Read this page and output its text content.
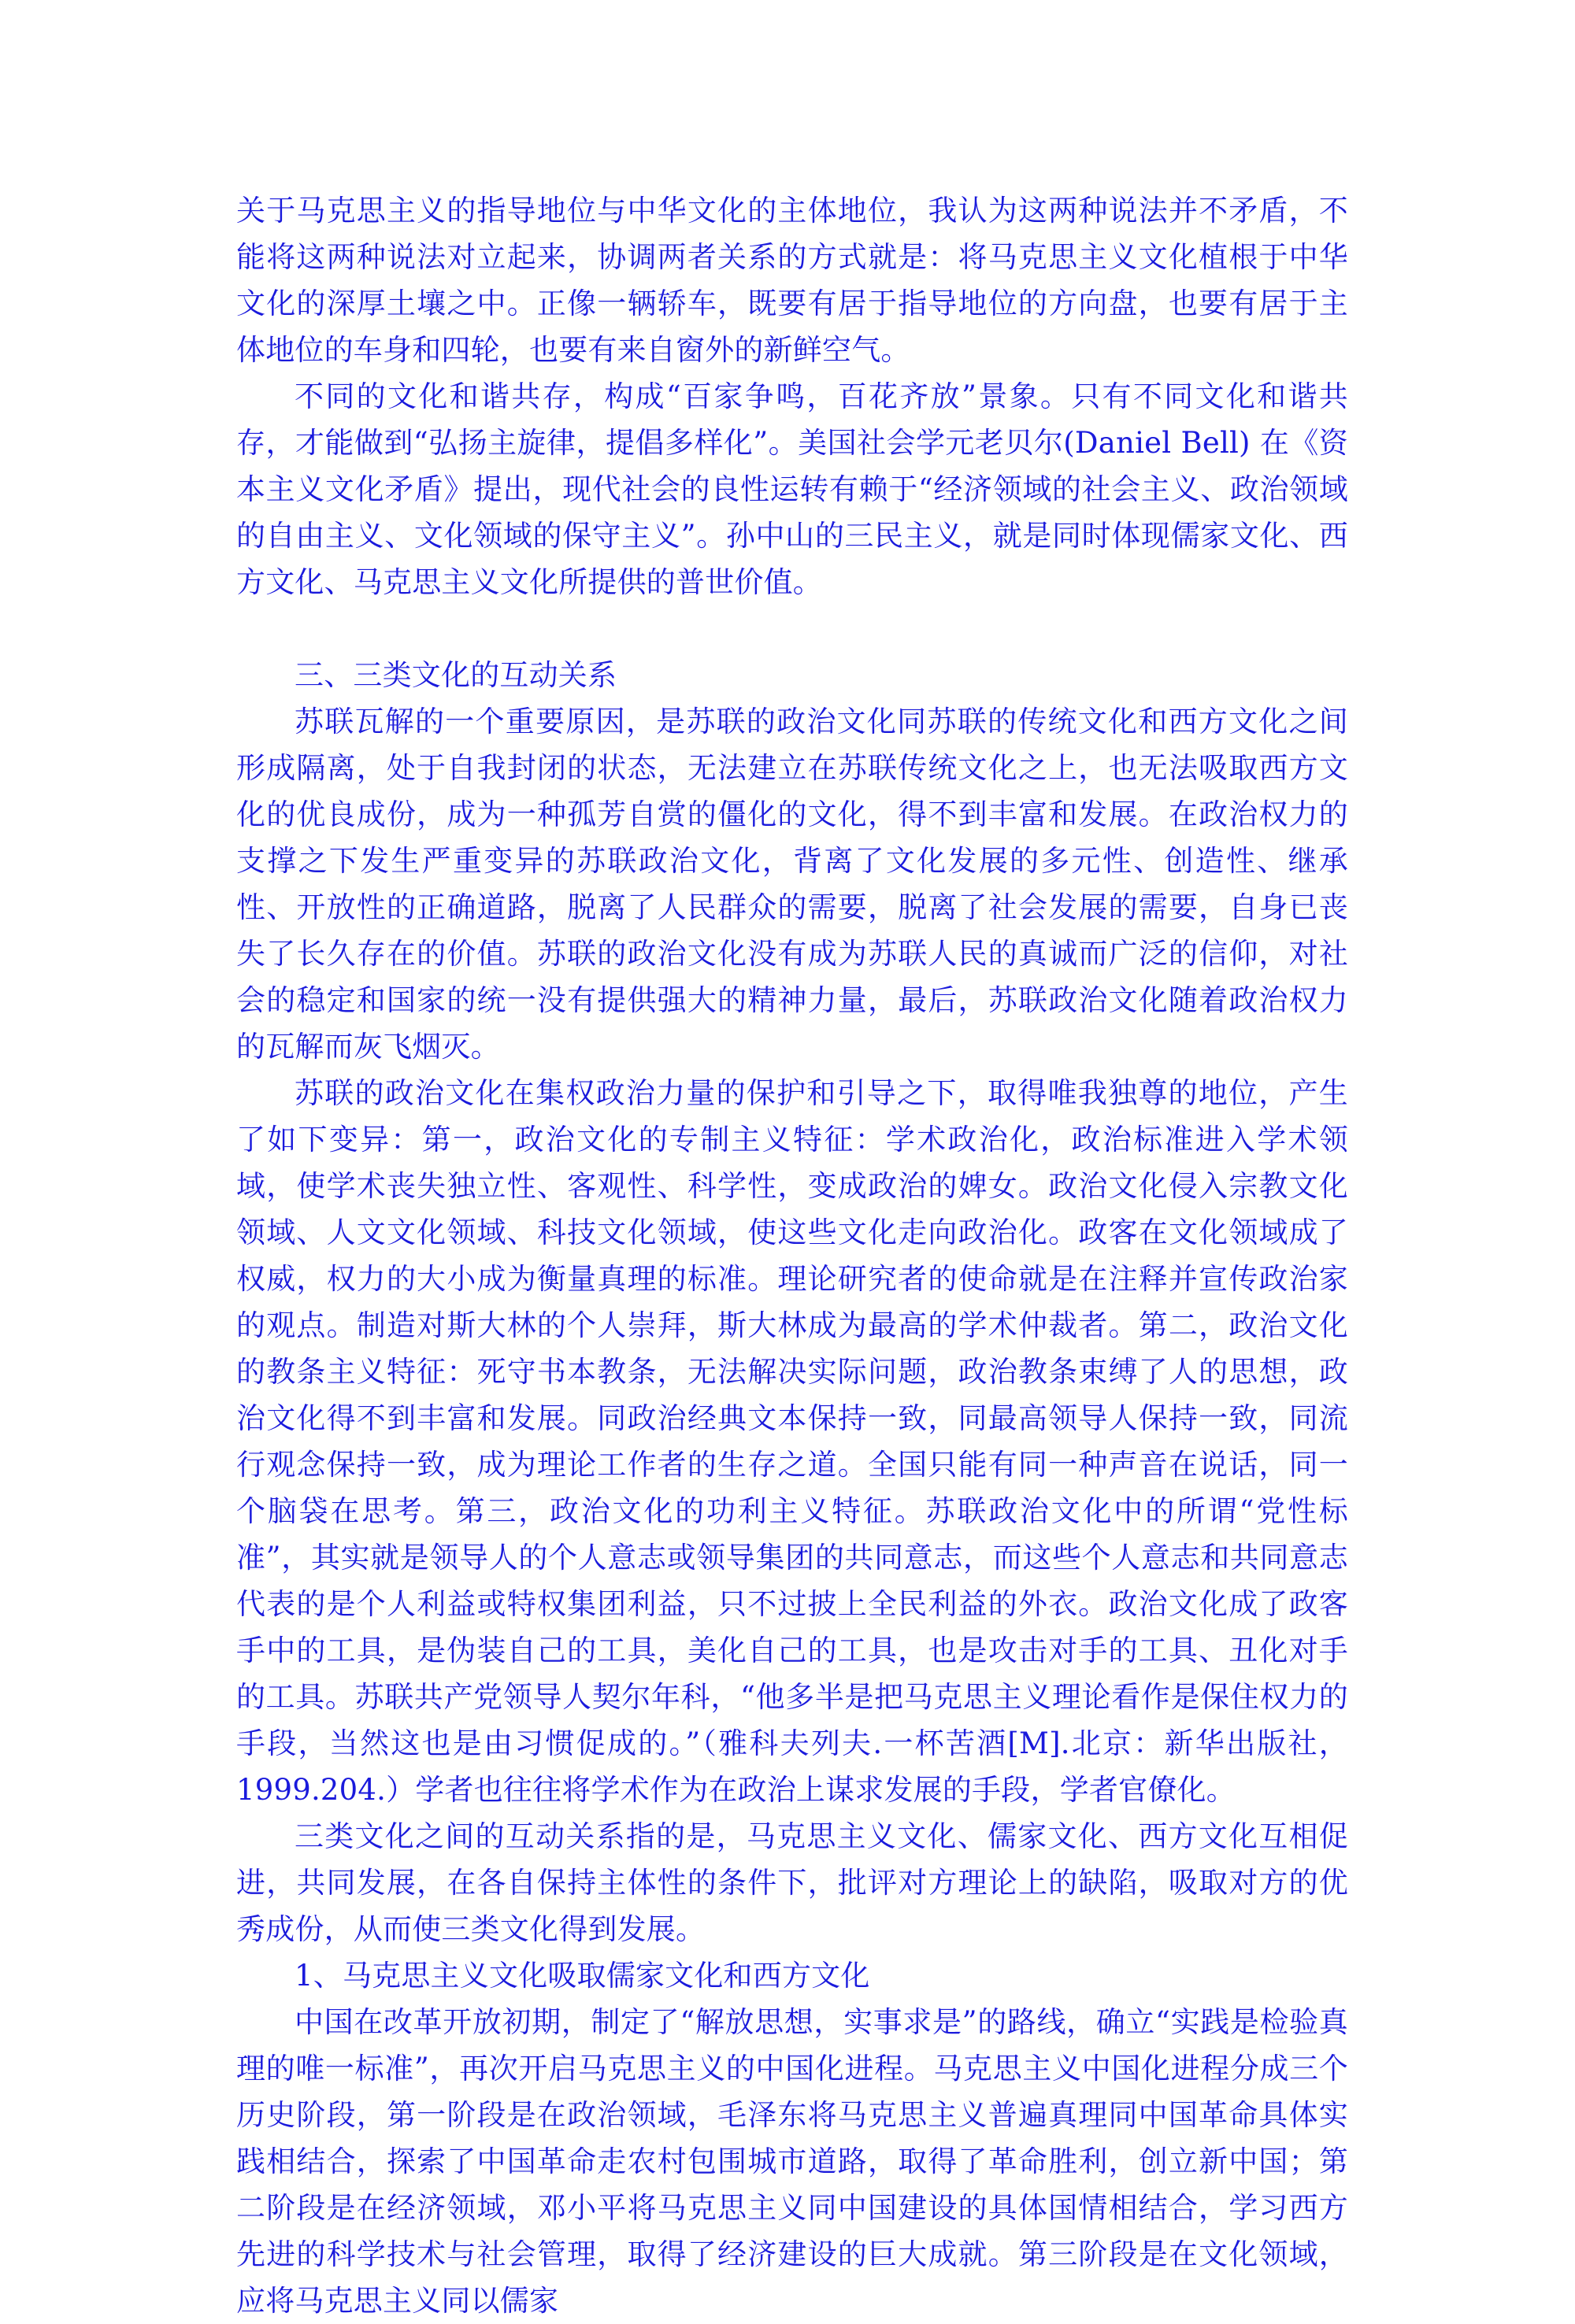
关于马克思主义的指导地位与中华文化的主体地位，我认为这两种说法并不矛盾，不能将这两种说法对立起来，协调两者关系的方式就是：将马克思主义文化植根于中华文化的深厚土壤之中。正像一辆轿车，既要有居于指导地位的方向盘，也要有居于主体地位的车身和四轮，也要有来自窗外的新鲜空气。

不同的文化和谐共存，构成“百家争鸣，百花齐放”景象。只有不同文化和谐共存，才能做到“弘扬主旋律，提倡多样化”。美国社会学元老贝尔(Daniel Bell) 在《资本主义文化矛盾》提出，现代社会的良性运转有赖于“经济领域的社会主义、政治领域的自由主义、文化领域的保守主义”。孙中山的三民主义，就是同时体现儒家文化、西方文化、马克思主义文化所提供的普世价值。

三、三类文化的互动关系

苏联瓦解的一个重要原因，是苏联的政治文化同苏联的传统文化和西方文化之间形成隔离，处于自我封闭的状态，无法建立在苏联传统文化之上，也无法吸取西方文化的优良成份，成为一种孤芳自赏的僵化的文化，得不到丰富和发展。在政治权力的支撑之下发生严重变异的苏联政治文化，背离了文化发展的多元性、创造性、继承性、开放性的正确道路，脱离了人民群众的需要，脱离了社会发展的需要，自身已丧失了长久存在的价值。苏联的政治文化没有成为苏联人民的真诚而广泛的信仰，对社会的稳定和国家的统一没有提供强大的精神力量，最后，苏联政治文化随着政治权力的瓦解而灰飞烟灭。

苏联的政治文化在集权政治力量的保护和引导之下，取得唯我独尊的地位，产生了如下变异：第一，政治文化的专制主义特征：学术政治化，政治标准进入学术领域，使学术丧失独立性、客观性、科学性，变成政治的婢女。政治文化侵入宗教文化领域、人文文化领域、科技文化领域，使这些文化走向政治化。政客在文化领域成了权威，权力的大小成为衡量真理的标准。理论研究者的使命就是在注释并宣传政治家的观点。制造对斯大林的个人崇拜，斯大林成为最高的学术仲裁者。第二，政治文化的教条主义特征：死守书本教条，无法解决实际问题，政治教条束缚了人的思想，政治文化得不到丰富和发展。同政治经典文本保持一致，同最高领导人保持一致，同流行观念保持一致，成为理论工作者的生存之道。全国只能有同一种声音在说话，同一个脑袋在思考。第三，政治文化的功利主义特征。苏联政治文化中的所谓“党性标准”，其实就是领导人的个人意志或领导集团的共同意志，而这些个人意志和共同意志代表的是个人利益或特权集团利益，只不过披上全民利益的外衣。政治文化成了政客手中的工具，是伪装自己的工具，美化自己的工具，也是攻击对手的工具、丑化对手的工具。苏联共产党领导人契尔年科，“他多半是把马克思主义理论看作是保住权力的手段，当然这也是由习惯促成的。”（雅科夫列夫.一杯苦酒[M].北京：新华出版社，1999.204.）学者也往往将学术作为在政治上谋求发展的手段，学者官僚化。

三类文化之间的互动关系指的是，马克思主义文化、儒家文化、西方文化互相促进，共同发展，在各自保持主体性的条件下，批评对方理论上的缺陷，吸取对方的优秀成份，从而使三类文化得到发展。

1、马克思主义文化吸取儒家文化和西方文化

中国在改革开放初期，制定了“解放思想，实事求是”的路线，确立“实践是检验真理的唯一标准”，再次开启马克思主义的中国化进程。马克思主义中国化进程分成三个历史阶段，第一阶段是在政治领域，毛泽东将马克思主义普遍真理同中国革命具体实践相结合，探索了中国革命走农村包围城市道路，取得了革命胜利，创立新中国；第二阶段是在经济领域，邓小平将马克思主义同中国建设的具体国情相结合，学习西方先进的科学技术与社会管理，取得了经济建设的巨大成就。第三阶段是在文化领域，应将马克思主义同以儒家
